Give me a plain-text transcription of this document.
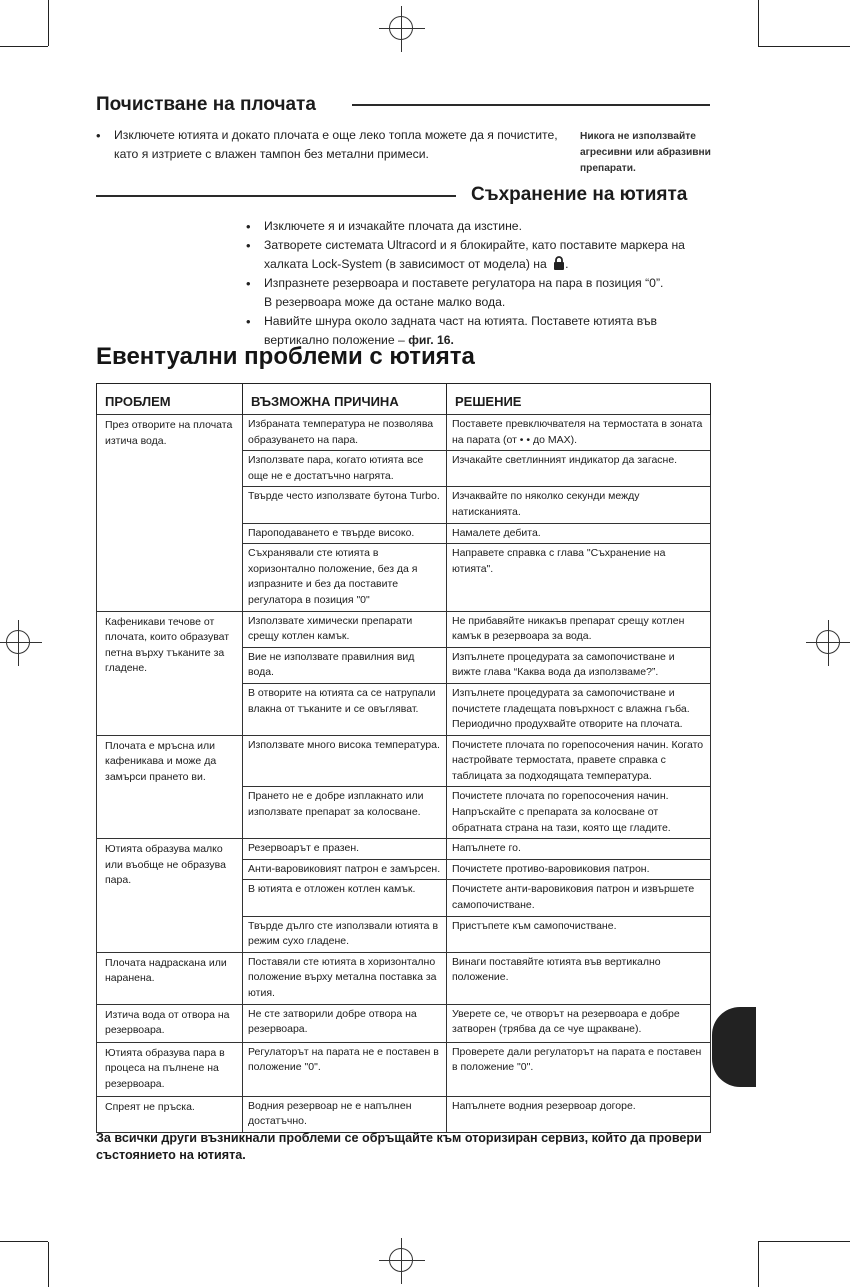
Почистване на плочата
• Изключете ютията и докато плочата е още леко топла можете да я почистите,
като я изтриете с влажен тампон без метални примеси.
Никога не използвайте
агресивни или абразивни
препарати.
Съхранение на ютията
• Изключете я и изчакайте плочата да изстине.
• Затворете системата Ultracord и я блокирайте, като поставите маркера на
халката Lock-System (в зависимост от модела) на .
• Изпразнете резервоара и поставете регулатора на пара в позиция “0”.
В резервоара може да остане малко вода.
• Навийте шнура около задната част на ютията. Поставете ютията във
вертикално положение – фиг. 16.
Евентуални проблеми с ютията
ПРОБЛЕМ	ВЪЗМОЖНА ПРИЧИНА	РЕШЕНИЕ
През отворите на плочата изтича вода.	Избраната температура не позволява образуването на пара.	Поставете превключвателя на термостата в зоната на парата (от • • до MAX).
	Използвате пара, когато ютията все още не е достатъчно нагрята.	Изчакайте светлинният индикатор да загасне.
	Твърде често използвате бутона Turbo.	Изчаквайте по няколко секунди между натисканията.
	Пароподаването е твърде високо.	Намалете дебита.
	Съхранявали сте ютията в хоризонтално положение, без да я изпразните и без да поставите регулатора в позиция "0"	Направете справка с глава "Съхранение на ютията".
Кафеникави течове от плочата, които образуват петна върху тъканите за гладене.	Използвате химически препарати срещу котлен камък.	Не прибавяйте никакъв препарат срещу котлен камък в резервоара за вода.
	Вие не използвате правилния вид вода.	Изпълнете процедурата за самопочистване и вижте глава “Каква вода да използваме?”.
	В отворите на ютията са се натрупали влакна от тъканите и се овъгляват.	Изпълнете процедурата за самопочистване и почистете гладещата повърхност с влажна гъба. Периодично продухвайте отворите на плочата.
Плочата е мръсна или кафеникава и може да замърси прането ви.	Използвате много висока температура.	Почистете плочата по горепосочения начин. Когато настройвате термостата, правете справка с таблицата за подходящата температура.
	Прането не е добре изплакнато или използвате препарат за колосване.	Почистете плочата по горепосочения начин. Напръскайте с препарата за колосване от обратната страна на тази, която ще гладите.
Ютията образува малко или въобще не образува пара.	Резервоарът е празен.	Напълнете го.
	Анти-варовиковият патрон е замърсен.	Почистете противо-варовиковия патрон.
	В ютията е отложен котлен камък.	Почистете анти-варовиковия патрон и извършете самопочистване.
	Твърде дълго сте използвали ютията в режим сухо гладене.	Пристъпете към самопочистване.
Плочата надраскана или наранена.	Поставяли сте ютията в хоризонтално положение върху метална поставка за ютия.	Винаги поставяйте ютията във вертикално положение.
Изтича вода от отвора на резервоара.	Не сте затворили добре отвора на резервоара.	Уверете се, че отворът на резервоара е добре затворен (трябва да се чуе щракване).
Ютията образува пара в процеса на пълнене на резервоара.	Регулаторът на парата не е поставен в положение "0".	Проверете дали регулаторът на парата е поставен в положение "0".
Спреят не пръска.	Водния резервоар не е напълнен достатъчно.	Напълнете водния резервоар догоре.
За всички други възникнали проблеми се обръщайте към оторизиран сервиз, който да провери състоянието на ютията.
